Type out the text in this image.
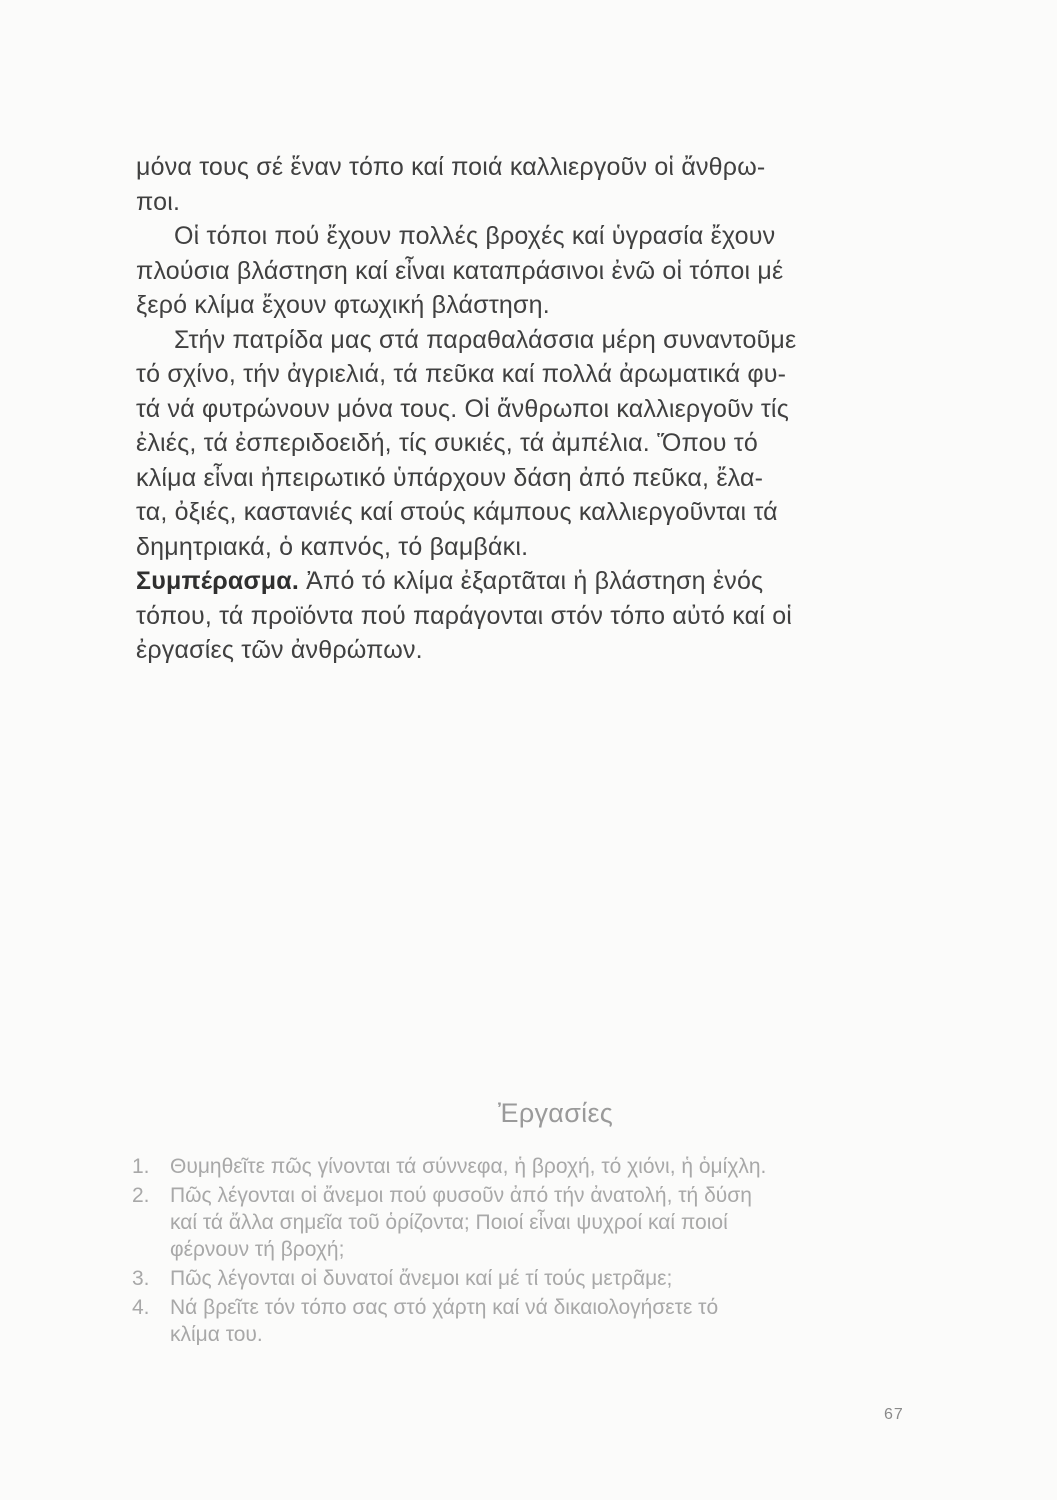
μόνα τους σέ ἕναν τόπο καί ποιά καλλιεργοῦν οἱ ἄνθρω-
ποι.

Οἱ τόποι πού ἔχουν πολλές βροχές καί ὑγρασία ἔχουν
πλούσια βλάστηση καί εἶναι καταπράσινοι ἐνῶ οἱ τόποι μέ
ξερό κλίμα ἔχουν φτωχική βλάστηση.

Στήν πατρίδα μας στά παραθαλάσσια μέρη συναντοῦμε
τό σχίνο, τήν ἀγριελιά, τά πεῦκα καί πολλά ἀρωματικά φυ-
τά νά φυτρώνουν μόνα τους. Οἱ ἄνθρωποι καλλιεργοῦν τίς
ἐλιές, τά ἐσπεριδοειδή, τίς συκιές, τά ἀμπέλια. Ὅπου τό
κλίμα εἶναι ἠπειρωτικό ὑπάρχουν δάση ἀπό πεῦκα, ἔλα-
τα, ὀξιές, καστανιές καί στούς κάμπους καλλιεργοῦνται τά
δημητριακά, ὁ καπνός, τό βαμβάκι.

Συμπέρασμα. Ἀπό τό κλίμα ἐξαρτᾶται ἡ βλάστηση ἑνός
τόπου, τά προϊόντα πού παράγονται στόν τόπο αὐτό καί οἱ
ἐργασίες τῶν ἀνθρώπων.

Ἐργασίες
1. Θυμηθεῖτε πῶς γίνονται τά σύννεφα, ἡ βροχή, τό χιόνι, ἡ ὁμίχλη.
2. Πῶς λέγονται οἱ ἄνεμοι πού φυσοῦν ἀπό τήν ἀνατολή, τή δύση
καί τά ἄλλα σημεῖα τοῦ ὁρίζοντα; Ποιοί εἶναι ψυχροί καί ποιοί
φέρνουν τή βροχή;
3. Πῶς λέγονται οἱ δυνατοί ἄνεμοι καί μέ τί τούς μετρᾶμε;
4. Νά βρεῖτε τόν τόπο σας στό χάρτη καί νά δικαιολογήσετε τό
κλίμα του.
67
